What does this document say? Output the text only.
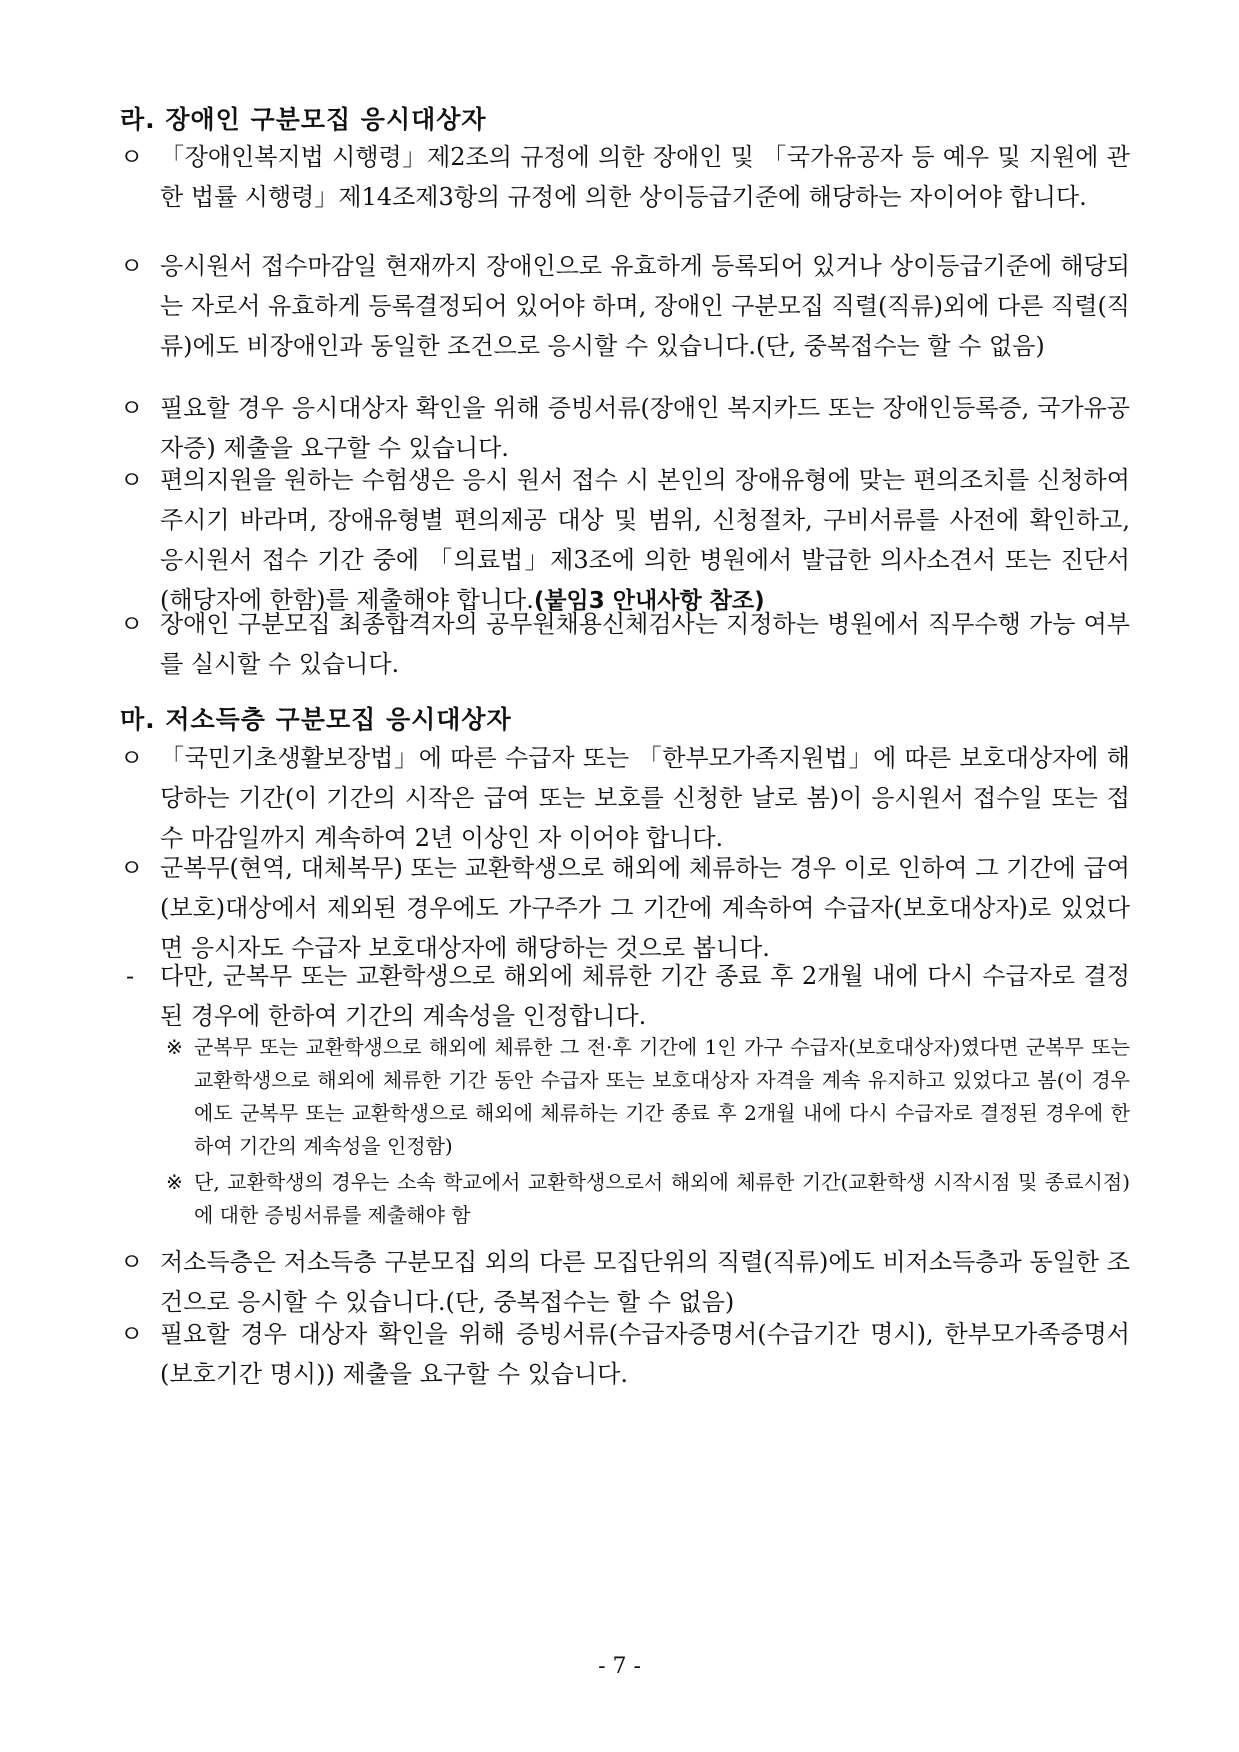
라. 장애인 구분모집 응시대상자
ㅇ 「장애인복지법 시행령」제2조의 규정에 의한 장애인 및 「국가유공자 등 예우 및 지원에 관한 법률 시행령」제14조제3항의 규정에 의한 상이등급기준에 해당하는 자이어야 합니다.
ㅇ 응시원서 접수마감일 현재까지 장애인으로 유효하게 등록되어 있거나 상이등급기준에 해당되는 자로서 유효하게 등록결정되어 있어야 하며, 장애인 구분모집 직렬(직류)외에 다른 직렬(직류)에도 비장애인과 동일한 조건으로 응시할 수 있습니다.(단, 중복접수는 할 수 없음)
ㅇ 필요할 경우 응시대상자 확인을 위해 증빙서류(장애인 복지카드 또는 장애인등록증, 국가유공자증) 제출을 요구할 수 있습니다.
ㅇ 편의지원을 원하는 수험생은 응시 원서 접수 시 본인의 장애유형에 맞는 편의조치를 신청하여 주시기 바라며, 장애유형별 편의제공 대상 및 범위, 신청절차, 구비서류를 사전에 확인하고, 응시원서 접수 기간 중에 「의료법」제3조에 의한 병원에서 발급한 의사소견서 또는 진단서(해당자에 한함)를 제출해야 합니다.(붙임3 안내사항 참조)
ㅇ 장애인 구분모집 최종합격자의 공무원채용신체검사는 지정하는 병원에서 직무수행 가능 여부를 실시할 수 있습니다.
마. 저소득층 구분모집 응시대상자
ㅇ 「국민기초생활보장법」에 따른 수급자 또는 「한부모가족지원법」에 따른 보호대상자에 해당하는 기간(이 기간의 시작은 급여 또는 보호를 신청한 날로 봄)이 응시원서 접수일 또는 접수 마감일까지 계속하여 2년 이상인 자 이어야 합니다.
ㅇ 군복무(현역, 대체복무) 또는 교환학생으로 해외에 체류하는 경우 이로 인하여 그 기간에 급여(보호)대상에서 제외된 경우에도 가구주가 그 기간에 계속하여 수급자(보호대상자)로 있었다면 응시자도 수급자 보호대상자에 해당하는 것으로 봅니다.
-	다만, 군복무 또는 교환학생으로 해외에 체류한 기간 종료 후 2개월 내에 다시 수급자로 결정된 경우에 한하여 기간의 계속성을 인정합니다.
※ 군복무 또는 교환학생으로 해외에 체류한 그 전·후 기간에 1인 가구 수급자(보호대상자)였다면 군복무 또는 교환학생으로 해외에 체류한 기간 동안 수급자 또는 보호대상자 자격을 계속 유지하고 있었다고 봄(이 경우에도 군복무 또는 교환학생으로 해외에 체류하는 기간 종료 후 2개월 내에 다시 수급자로 결정된 경우에 한하여 기간의 계속성을 인정함)
※ 단, 교환학생의 경우는 소속 학교에서 교환학생으로서 해외에 체류한 기간(교환학생 시작시점 및 종료시점)에 대한 증빙서류를 제출해야 함
ㅇ 저소득층은 저소득층 구분모집 외의 다른 모집단위의 직렬(직류)에도 비저소득층과 동일한 조건으로 응시할 수 있습니다.(단, 중복접수는 할 수 없음)
ㅇ 필요할 경우 대상자 확인을 위해 증빙서류(수급자증명서(수급기간 명시), 한부모가족증명서(보호기간 명시)) 제출을 요구할 수 있습니다.
- 7 -
